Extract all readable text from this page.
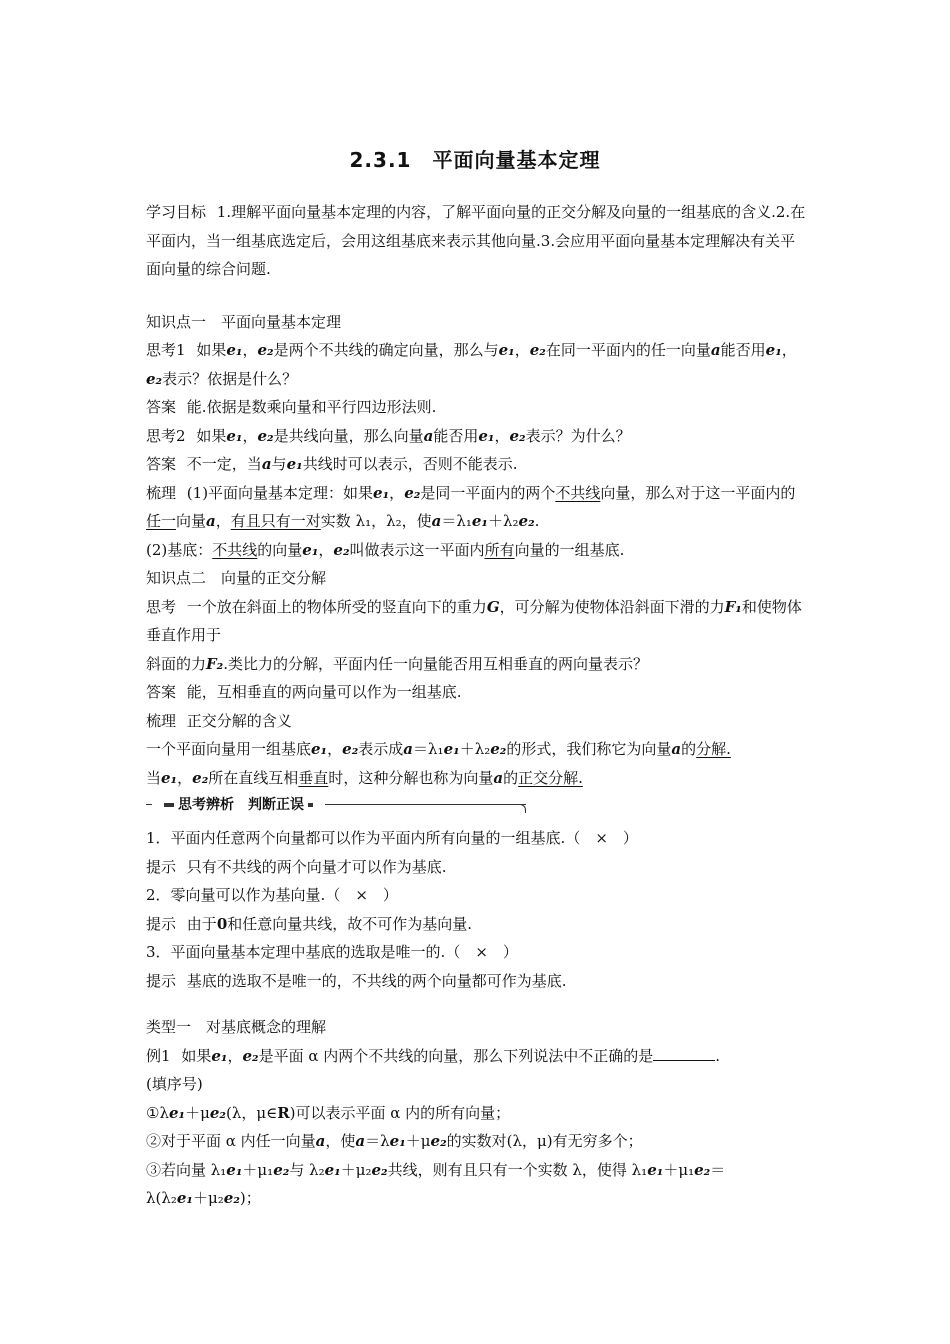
2.3.1　平面向量基本定理

学习目标 1.理解平面向量基本定理的内容，了解平面向量的正交分解及向量的一组基底的含义.2.在平面内，当一组基底选定后，会用这组基底来表示其他向量.3.会应用平面向量基本定理解决有关平面向量的综合问题.

知识点一　平面向量基本定理

思考1 如果e₁，e₂是两个不共线的确定向量，那么与e₁，e₂在同一平面内的任一向量a能否用e₁，e₂表示？依据是什么？

答案 能.依据是数乘向量和平行四边形法则.

思考2 如果e₁，e₂是共线向量，那么向量a能否用e₁，e₂表示？为什么？

答案 不一定，当a与e₁共线时可以表示，否则不能表示.

梳理 (1)平面向量基本定理：如果e₁，e₂是同一平面内的两个不共线向量，那么对于这一平面内的任一向量a，有且只有一对实数 λ₁，λ₂，使a＝λ₁e₁＋λ₂e₂.

(2)基底：不共线的向量e₁，e₂叫做表示这一平面内所有向量的一组基底.

知识点二　向量的正交分解

思考 一个放在斜面上的物体所受的竖直向下的重力G，可分解为使物体沿斜面下滑的力F₁和使物体垂直作用于

斜面的力F₂.类比力的分解，平面内任一向量能否用互相垂直的两向量表示？

答案 能，互相垂直的两向量可以作为一组基底.

梳理 正交分解的含义

一个平面向量用一组基底e₁，e₂表示成a＝λ₁e₁＋λ₂e₂的形式，我们称它为向量a的分解.

当e₁，e₂所在直线互相垂直时，这种分解也称为向量a的正交分解.

思考辨析　判断正误

1．平面内任意两个向量都可以作为平面内所有向量的一组基底.（　×　）

提示 只有不共线的两个向量才可以作为基底.

2．零向量可以作为基向量.（　×　）

提示 由于0和任意向量共线，故不可作为基向量.

3．平面向量基本定理中基底的选取是唯一的.（　×　）

提示 基底的选取不是唯一的，不共线的两个向量都可作为基底.

类型一　对基底概念的理解

例1 如果e₁，e₂是平面 α 内两个不共线的向量，那么下列说法中不正确的是	.

(填序号)

①λe₁＋μe₂(λ，μ∈R)可以表示平面 α 内的所有向量；

②对于平面 α 内任一向量a，使a＝λe₁＋μe₂的实数对(λ，μ)有无穷多个；

③若向量 λ₁e₁＋μ₁e₂与 λ₂e₁＋μ₂e₂共线，则有且只有一个实数 λ，使得 λ₁e₁＋μ₁e₂＝

λ(λ₂e₁＋μ₂e₂)；
